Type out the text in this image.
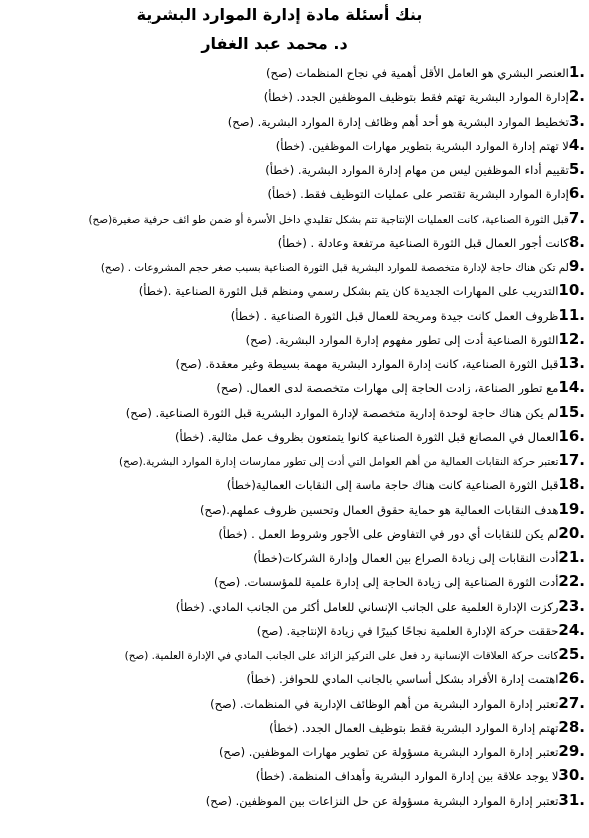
بنك أسئلة مادة إدارة الموارد البشرية
د. محمد عبد الغفار
1.
العنصر البشري هو العامل الأقل أهمية في نجاح المنظمات (صح)
2.
إدارة الموارد البشرية تهتم فقط بتوظيف الموظفين الجدد. (خطأ)
3.
تخطيط الموارد البشرية هو أحد أهم وظائف إدارة الموارد البشرية. (صح)
4.
لا تهتم إدارة الموارد البشرية بتطوير مهارات الموظفين. (خطأ)
5.
تقييم أداء الموظفين ليس من مهام إدارة الموارد البشرية. (خطأ)
6.
إدارة الموارد البشرية تقتصر على عمليات التوظيف فقط. (خطأ)
7.
قبل الثورة الصناعية، كانت العمليات الإنتاجية تتم بشكل تقليدي داخل الأسرة أو ضمن طو ائف حرفية صغيرة(صح)
8.
كانت أجور العمال قبل الثورة الصناعية مرتفعة وعادلة . (خطأ)
9.
لم تكن هناك حاجة لإدارة متخصصة للموارد البشرية قبل الثورة الصناعية بسبب صغر حجم المشروعات . (صح)
10.
التدريب على المهارات الجديدة كان يتم بشكل رسمي ومنظم قبل الثورة الصناعية .(خطأ)
11.
ظروف العمل كانت جيدة ومريحة للعمال قبل الثورة الصناعية . (خطأ)
12.
الثورة الصناعية أدت إلى تطور مفهوم إدارة الموارد البشرية. (صح)
13.
قبل الثورة الصناعية، كانت إدارة الموارد البشرية مهمة بسيطة وغير معقدة. (صح)
14.
مع تطور الصناعة، زادت الحاجة إلى مهارات متخصصة لدى العمال. (صح)
15.
لم يكن هناك حاجة لوحدة إدارية متخصصة لإدارة الموارد البشرية قبل الثورة الصناعية. (صح)
16.
العمال في المصانع قبل الثورة الصناعية كانوا يتمتعون بظروف عمل مثالية. (خطأ)
17.
تعتبر حركة النقابات العمالية من أهم العوامل التي أدت إلى تطور ممارسات إدارة الموارد البشرية.(صح)
18.
قبل الثورة الصناعية كانت هناك حاجة ماسة إلى النقابات العمالية(خطأ)
19.
هدف النقابات العمالية هو حماية حقوق العمال وتحسين ظروف عملهم.(صح)
20.
لم يكن للنقابات أي دور في التفاوض على الأجور وشروط العمل . (خطأ)
21.
أدت النقابات إلى زيادة الصراع بين العمال وإدارة الشركات(خطأ)
22.
أدت الثورة الصناعية إلى زيادة الحاجة إلى إدارة علمية للمؤسسات. (صح)
23.
ركزت الإدارة العلمية على الجانب الإنساني للعامل أكثر من الجانب المادي. (خطأ)
24.
حققت حركة الإدارة العلمية نجاحًا كبيرًا في زيادة الإنتاجية. (صح)
25.
كانت حركة العلاقات الإنسانية رد فعل على التركيز الزائد على الجانب المادي في الإدارة العلمية. (صح)
26.
اهتمت إدارة الأفراد بشكل أساسي بالجانب المادي للحوافز. (خطأ)
27.
تعتبر إدارة الموارد البشرية من أهم الوظائف الإدارية في المنظمات. (صح)
28.
تهتم إدارة الموارد البشرية فقط بتوظيف العمال الجدد. (خطأ)
29.
تعتبر إدارة الموارد البشرية مسؤولة عن تطوير مهارات الموظفين. (صح)
30.
لا يوجد علاقة بين إدارة الموارد البشرية وأهداف المنظمة. (خطأ)
31.
تعتبر إدارة الموارد البشرية مسؤولة عن حل النزاعات بين الموظفين. (صح)
